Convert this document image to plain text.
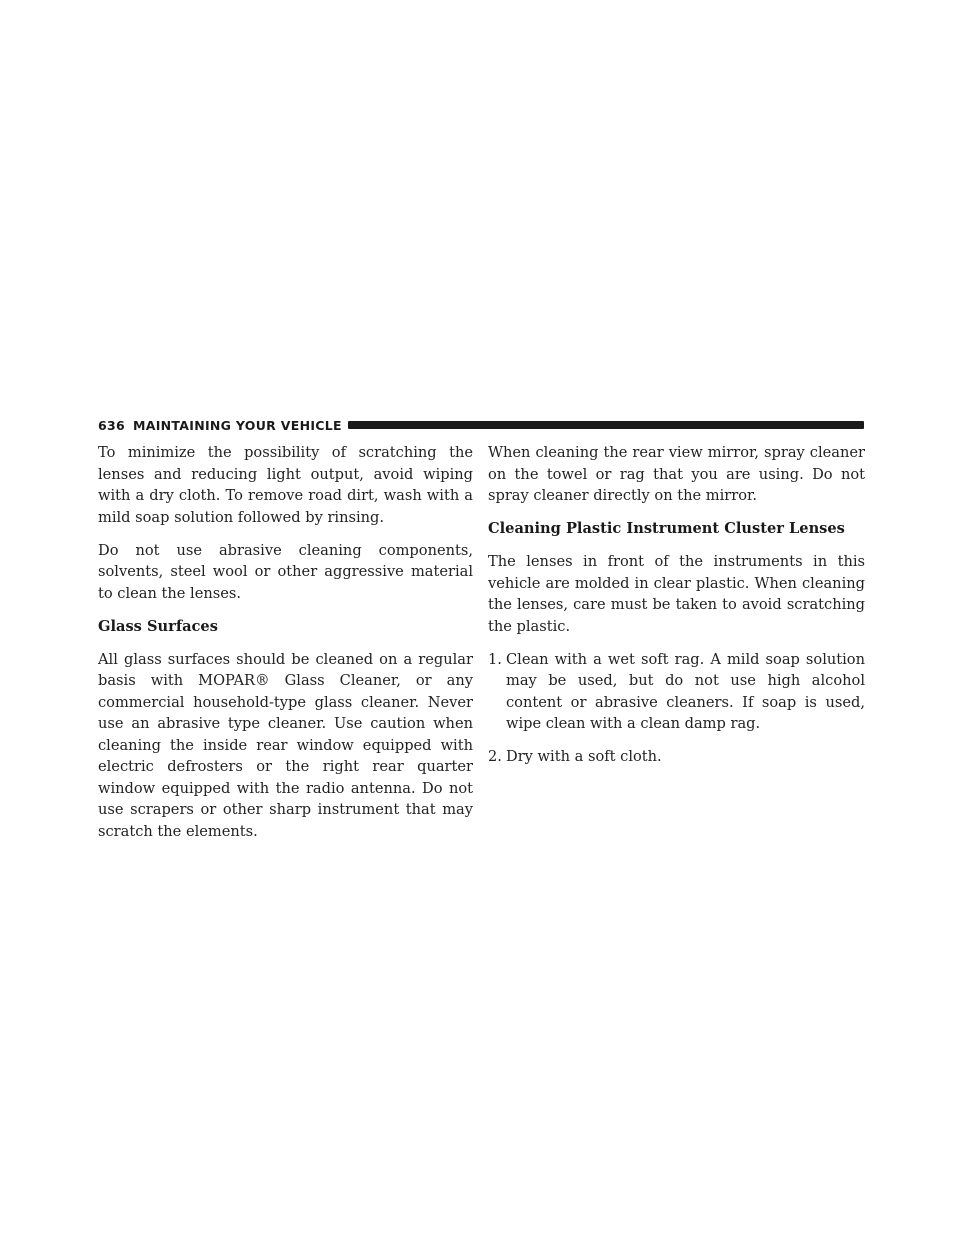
636 MAINTAINING YOUR VEHICLE

To minimize the possibility of scratching the lenses and reducing light output, avoid wiping with a dry cloth. To remove road dirt, wash with a mild soap solution followed by rinsing.

Do not use abrasive cleaning components, solvents, steel wool or other aggressive material to clean the lenses.

Glass Surfaces

All glass surfaces should be cleaned on a regular basis with MOPAR® Glass Cleaner, or any commercial household-type glass cleaner. Never use an abrasive type cleaner. Use caution when cleaning the inside rear window equipped with electric defrosters or the right rear quarter window equipped with the radio antenna. Do not use scrapers or other sharp instrument that may scratch the elements.

When cleaning the rear view mirror, spray cleaner on the towel or rag that you are using. Do not spray cleaner directly on the mirror.

Cleaning Plastic Instrument Cluster Lenses

The lenses in front of the instruments in this vehicle are molded in clear plastic. When cleaning the lenses, care must be taken to avoid scratching the plastic.

1. Clean with a wet soft rag. A mild soap solution may be used, but do not use high alcohol content or abrasive cleaners. If soap is used, wipe clean with a clean damp rag.
2. Dry with a soft cloth.
